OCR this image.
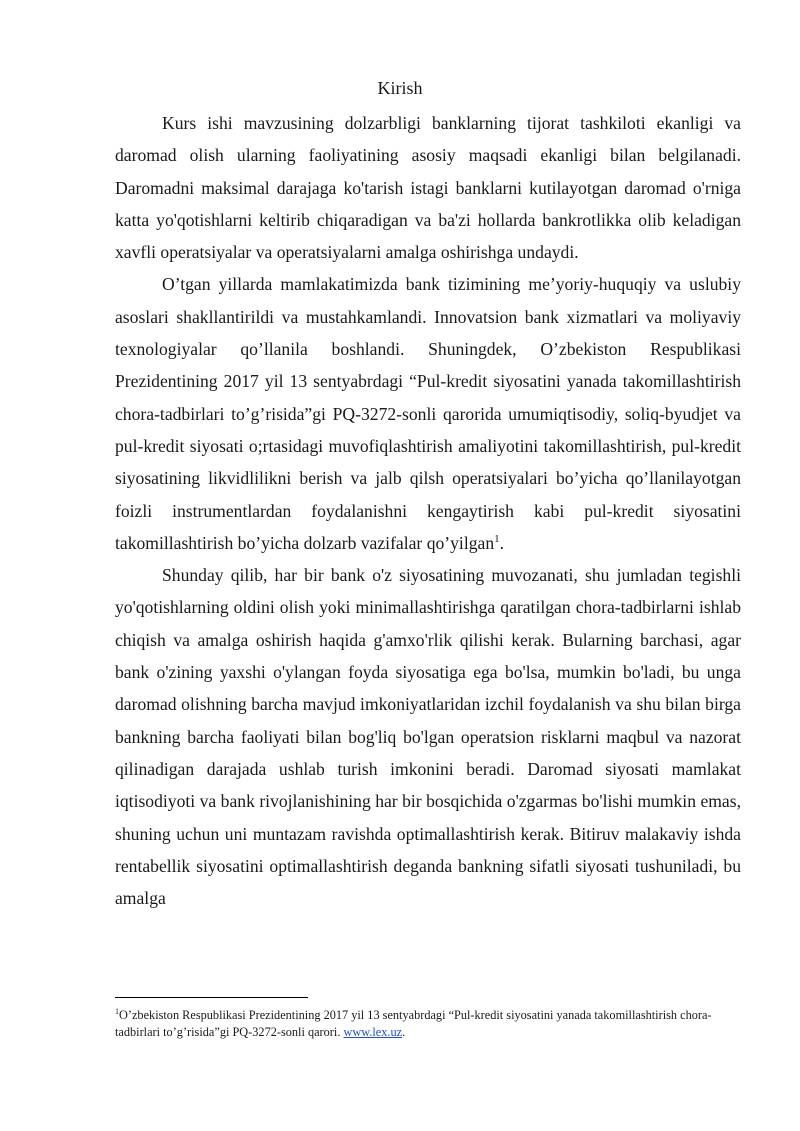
Kirish

Kurs ishi mavzusining dolzarbligi banklarning tijorat tashkiloti ekanligi va daromad olish ularning faoliyatining asosiy maqsadi ekanligi bilan belgilanadi. Daromadni maksimal darajaga ko'tarish istagi banklarni kutilayotgan daromad o'rniga katta yo'qotishlarni keltirib chiqaradigan va ba'zi hollarda bankrotlikka olib keladigan xavfli operatsiyalar va operatsiyalarni amalga oshirishga undaydi.

O’tgan yillarda mamlakatimizda bank tizimining me’yoriy-huquqiy va uslubiy asoslari shakllantirildi va mustahkamlandi. Innovatsion bank xizmatlari va moliyaviy texnologiyalar qo’llanila boshlandi. Shuningdek, O’zbekiston Respublikasi Prezidentining 2017 yil 13 sentyabrdagi “Pul-kredit siyosatini yanada takomillashtirish chora-tadbirlari to’g’risida”gi PQ-3272-sonli qarorida umumiqtisodiy, soliq-byudjet va pul-kredit siyosati o;rtasidagi muvofiqlashtirish amaliyotini takomillashtirish, pul-kredit siyosatining likvidlilikni berish va jalb qilsh operatsiyalari bo’yicha qo’llanilayotgan foizli instrumentlardan foydalanishni kengaytirish kabi pul-kredit siyosatini takomillashtirish bo’yicha dolzarb vazifalar qo’yilgan$^1$.

Shunday qilib, har bir bank o'z siyosatining muvozanati, shu jumladan tegishli yo'qotishlarning oldini olish yoki minimallashtirishga qaratilgan chora-tadbirlarni ishlab chiqish va amalga oshirish haqida g'amxo'rlik qilishi kerak. Bularning barchasi, agar bank o'zining yaxshi o'ylangan foyda siyosatiga ega bo'lsa, mumkin bo'ladi, bu unga daromad olishning barcha mavjud imkoniyatlaridan izchil foydalanish va shu bilan birga bankning barcha faoliyati bilan bog'liq bo'lgan operatsion risklarni maqbul va nazorat qilinadigan darajada ushlab turish imkonini beradi. Daromad siyosati mamlakat iqtisodiyoti va bank rivojlanishining har bir bosqichida o'zgarmas bo'lishi mumkin emas, shuning uchun uni muntazam ravishda optimallashtirish kerak. Bitiruv malakaviy ishda rentabellik siyosatini optimallashtirish deganda bankning sifatli siyosati tushuniladi, bu amalga

$^1$O’zbekiston Respublikasi Prezidentining 2017 yil 13 sentyabrdagi “Pul-kredit siyosatini yanada takomillashtirish chora-tadbirlari to’g’risida”gi PQ-3272-sonli qarori. www.lex.uz.
